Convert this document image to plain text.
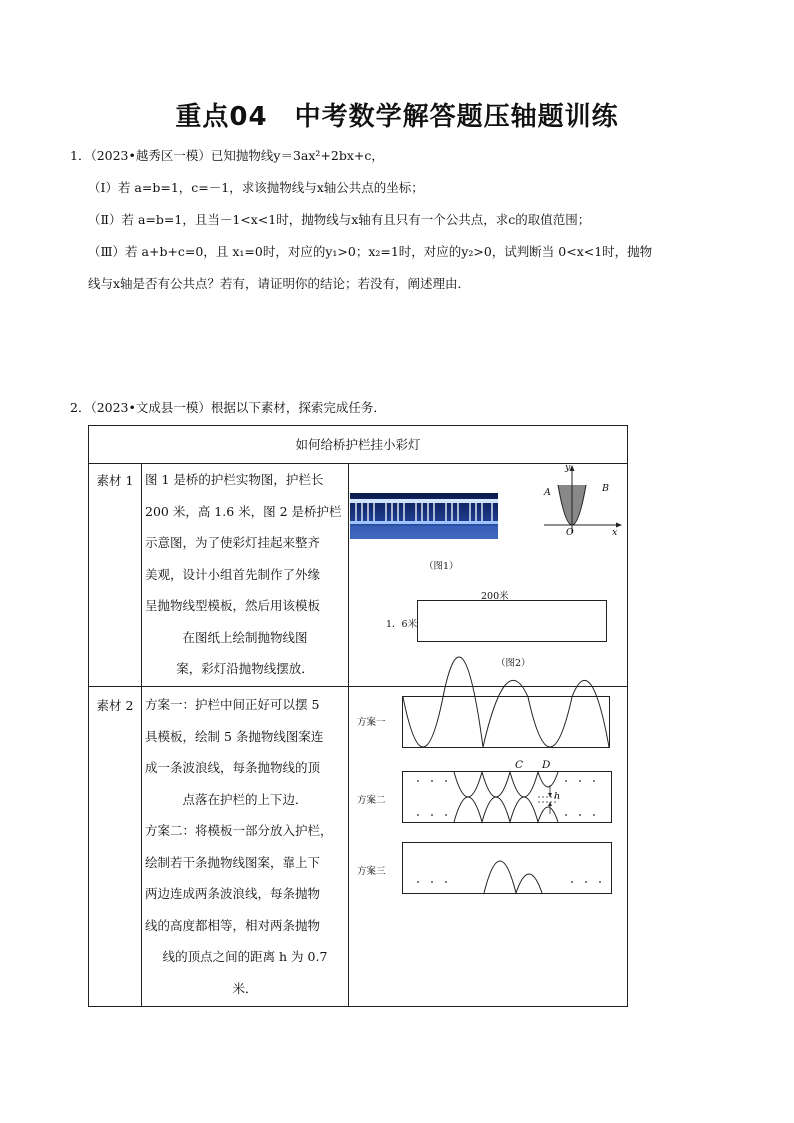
重点04　中考数学解答题压轴题训练
1．（2023•越秀区一模）已知抛物线y＝3ax²+2bx+c，
（Ⅰ）若 a=b=1，c=－1，求该抛物线与x轴公共点的坐标；
（Ⅱ）若 a=b=1，且当－1<x<1时，抛物线与x轴有且只有一个公共点，求c的取值范围；
（Ⅲ）若 a+b+c=0，且 x₁=0时，对应的y₁>0；x₂=1时，对应的y₂>0，试判断当 0<x<1时，抛物
线与x轴是否有公共点？若有，请证明你的结论；若没有，阐述理由．
2．（2023•文成县一模）根据以下素材，探索完成任务．
如何给桥护栏挂小彩灯
素材 1 图 1 是桥的护栏实物图，护栏长
200 米，高 1.6 米，图 2 是桥护栏
示意图，为了使彩灯挂起来整齐
美观，设计小组首先制作了外缘
呈抛物线型模板，然后用该模板
在图纸上绘制抛物线图
案，彩灯沿抛物线摆放．
素材 2 方案一：护栏中间正好可以摆 5
具模板，绘制 5 条抛物线图案连
成一条波浪线，每条抛物线的顶
点落在护栏的上下边．
方案二：将模板一部分放入护栏，
绘制若干条抛物线图案，靠上下
两边连成两条波浪线，每条抛物
线的高度都相等，相对两条抛物
线的顶点之间的距离 h 为 0.7
米．
（图1）
y
x
O
A	B
200米
1．6米
（图2）
方案一
方案二
C D
h
方案三
